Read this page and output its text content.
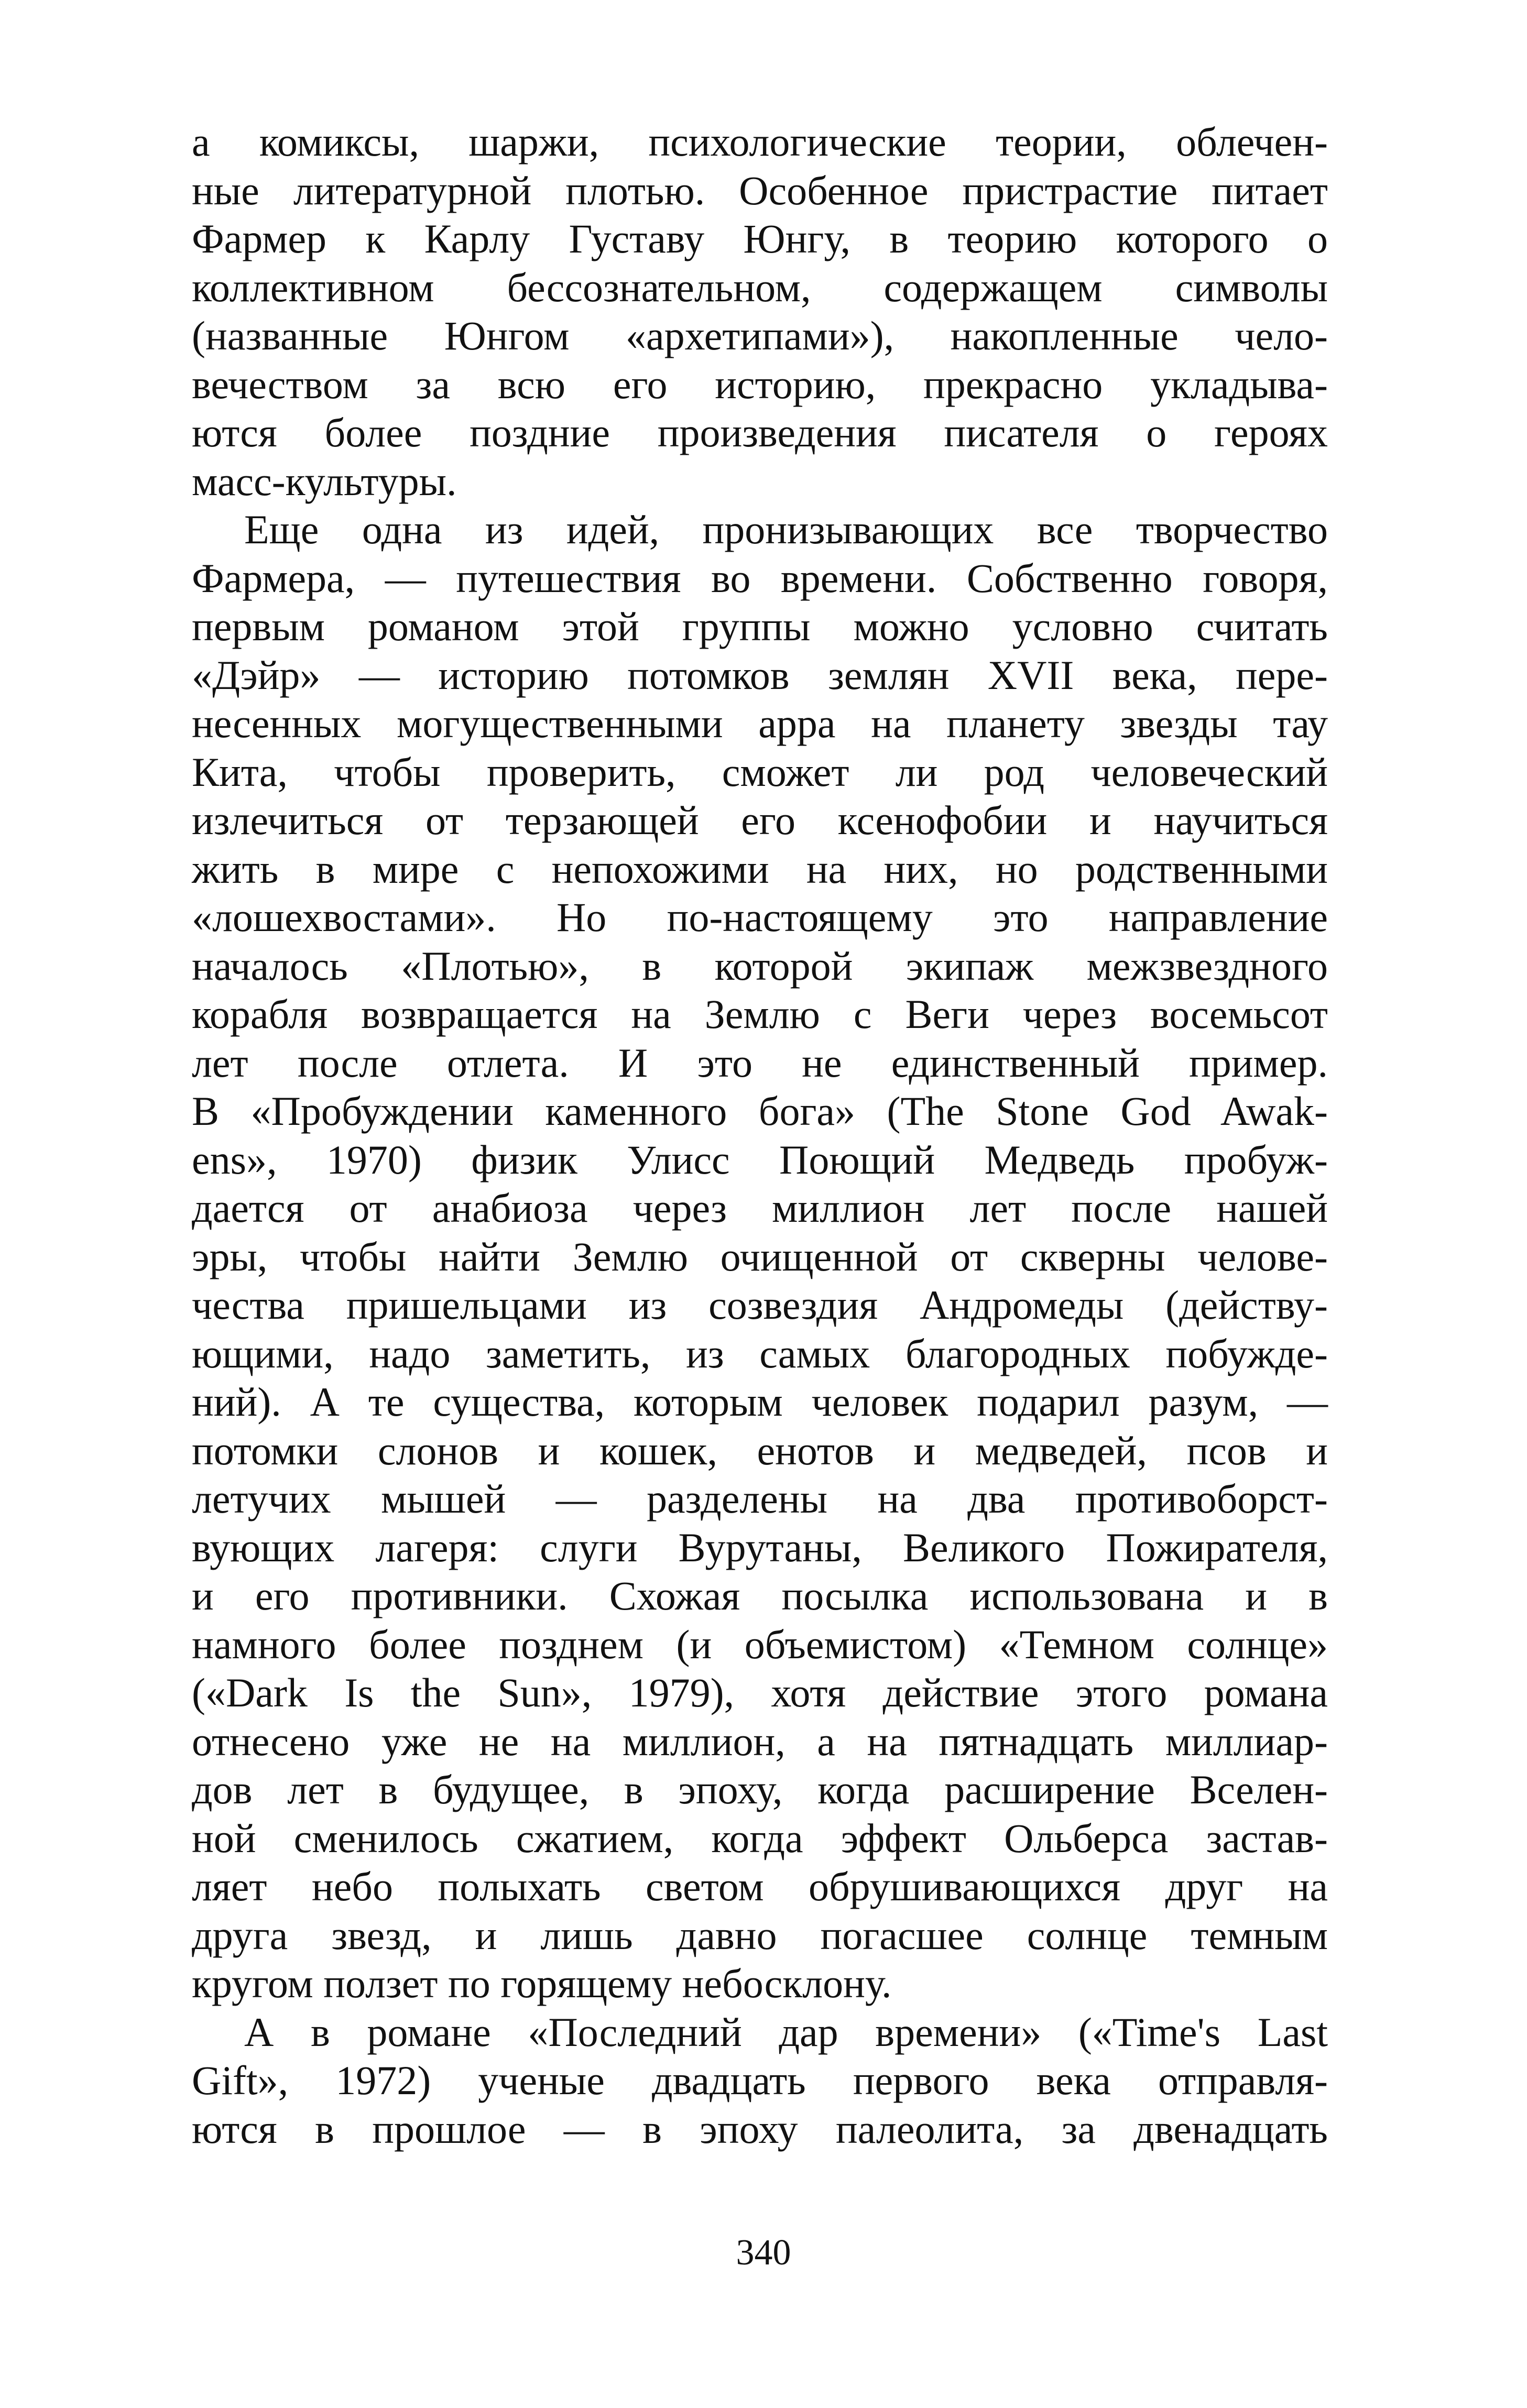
а комиксы, шаржи, психологические теории, облечен-
ные литературной плотью. Особенное пристрастие питает
Фармер к Карлу Густаву Юнгу, в теорию которого о
коллективном бессознательном, содержащем символы
(названные Юнгом «архетипами»), накопленные чело-
вечеством за всю его историю, прекрасно укладыва-
ются более поздние произведения писателя о героях
масс-культуры.
Еще одна из идей, пронизывающих все творчество
Фармера, — путешествия во времени. Собственно говоря,
первым романом этой группы можно условно считать
«Дэйр» — историю потомков землян XVII века, пере-
несенных могущественными арра на планету звезды тау
Кита, чтобы проверить, сможет ли род человеческий
излечиться от терзающей его ксенофобии и научиться
жить в мире с непохожими на них, но родственными
«лошехвостами». Но по-настоящему это направление
началось «Плотью», в которой экипаж межзвездного
корабля возвращается на Землю с Веги через восемьсот
лет после отлета. И это не единственный пример.
В «Пробуждении каменного бога» (The Stone God Awak-
ens», 1970) физик Улисс Поющий Медведь пробуж-
дается от анабиоза через миллион лет после нашей
эры, чтобы найти Землю очищенной от скверны челове-
чества пришельцами из созвездия Андромеды (действу-
ющими, надо заметить, из самых благородных побужде-
ний). А те существа, которым человек подарил разум, —
потомки слонов и кошек, енотов и медведей, псов и
летучих мышей — разделены на два противоборст-
вующих лагеря: слуги Вурутаны, Великого Пожирателя,
и его противники. Схожая посылка использована и в
намного более позднем (и объемистом) «Темном солнце»
(«Dark Is the Sun», 1979), хотя действие этого романа
отнесено уже не на миллион, а на пятнадцать миллиар-
дов лет в будущее, в эпоху, когда расширение Вселен-
ной сменилось сжатием, когда эффект Ольберса застав-
ляет небо полыхать светом обрушивающихся друг на
друга звезд, и лишь давно погасшее солнце темным
кругом ползет по горящему небосклону.
А в романе «Последний дар времени» («Time's Last
Gift», 1972) ученые двадцать первого века отправля-
ются в прошлое — в эпоху палеолита, за двенадцать
340
